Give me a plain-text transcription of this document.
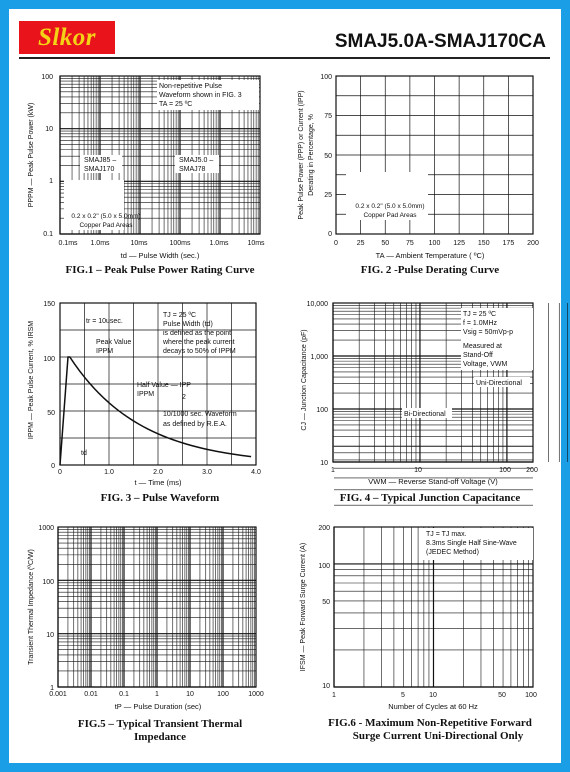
Slkor	SMAJ5.0A-SMAJ170CA
PPPM — Peak Pulse Power (kW)
td — Pulse Width (sec.)
100
10
1
0.1
0.1ms 1.0ms	10ms	100ms	1.0ms	10ms
Non-repetitive Pulse
Waveform shown in FIG. 3
TA = 25 ºC
SMAJ85 –
SMAJ170
SMAJ5.0 –
SMAJ78
0.2 x 0.2" (5.0 x 5.0mm)
Copper Pad Areas
Peak Pulse Power (PPP) or Current (IPP) Derating in Percentage, %
TA — Ambient Temperature ( ºC)
100
75
50
25
0
0	25 50 75 100 125 150 175 200
0.2 x 0.2" (5.0 x 5.0mm)
Copper Pad Areas
IPPM — Peak Pulse Current, % IRSM
t — Time (ms)
150
100
50
0
0	1.0	2.0	3.0	4.0
tr = 10usec.
TJ = 25 ºC
Pulse Width (td)
is defined as the point
where the peak current
decays to 50% of IPPM
Peak Value
IPPM
Half Value — IPP
IPPM	2
10/1000 sec. Waveform
as defined by R.E.A.
td
CJ — Junction Capacitance (pF)
VWM — Reverse Stand-off Voltage (V)
10,000
1,000
100
10
1	10	100 200
TJ = 25 ºC
f = 1.0MHz
Vsig = 50mVp-p
Measured at
Stand-Off
Voltage, VWM
Uni-Directional
Bi-Directional
Transient Thermal Impedance (ºC/W)
tP — Pulse Duration (sec)
1000
100
10
1
0.001 0.01	0.1	1	10	100	1000
IFSM — Peak Forward Surge Current (A)
Number of Cycles at 60 Hz
200
100
50
10
1	5	10	50	100
TJ = TJ max.
8.3ms Single Half Sine-Wave
(JEDEC Method)
FIG.1 – Peak Pulse Power Rating Curve	FIG. 2 -Pulse Derating Curve
FIG. 3 – Pulse Waveform	FIG. 4 – Typical Junction Capacitance
FIG.5 – Typical Transient Thermal
Impedance
FIG.6 - Maximum Non-Repetitive Forward
Surge Current Uni-Directional Only
